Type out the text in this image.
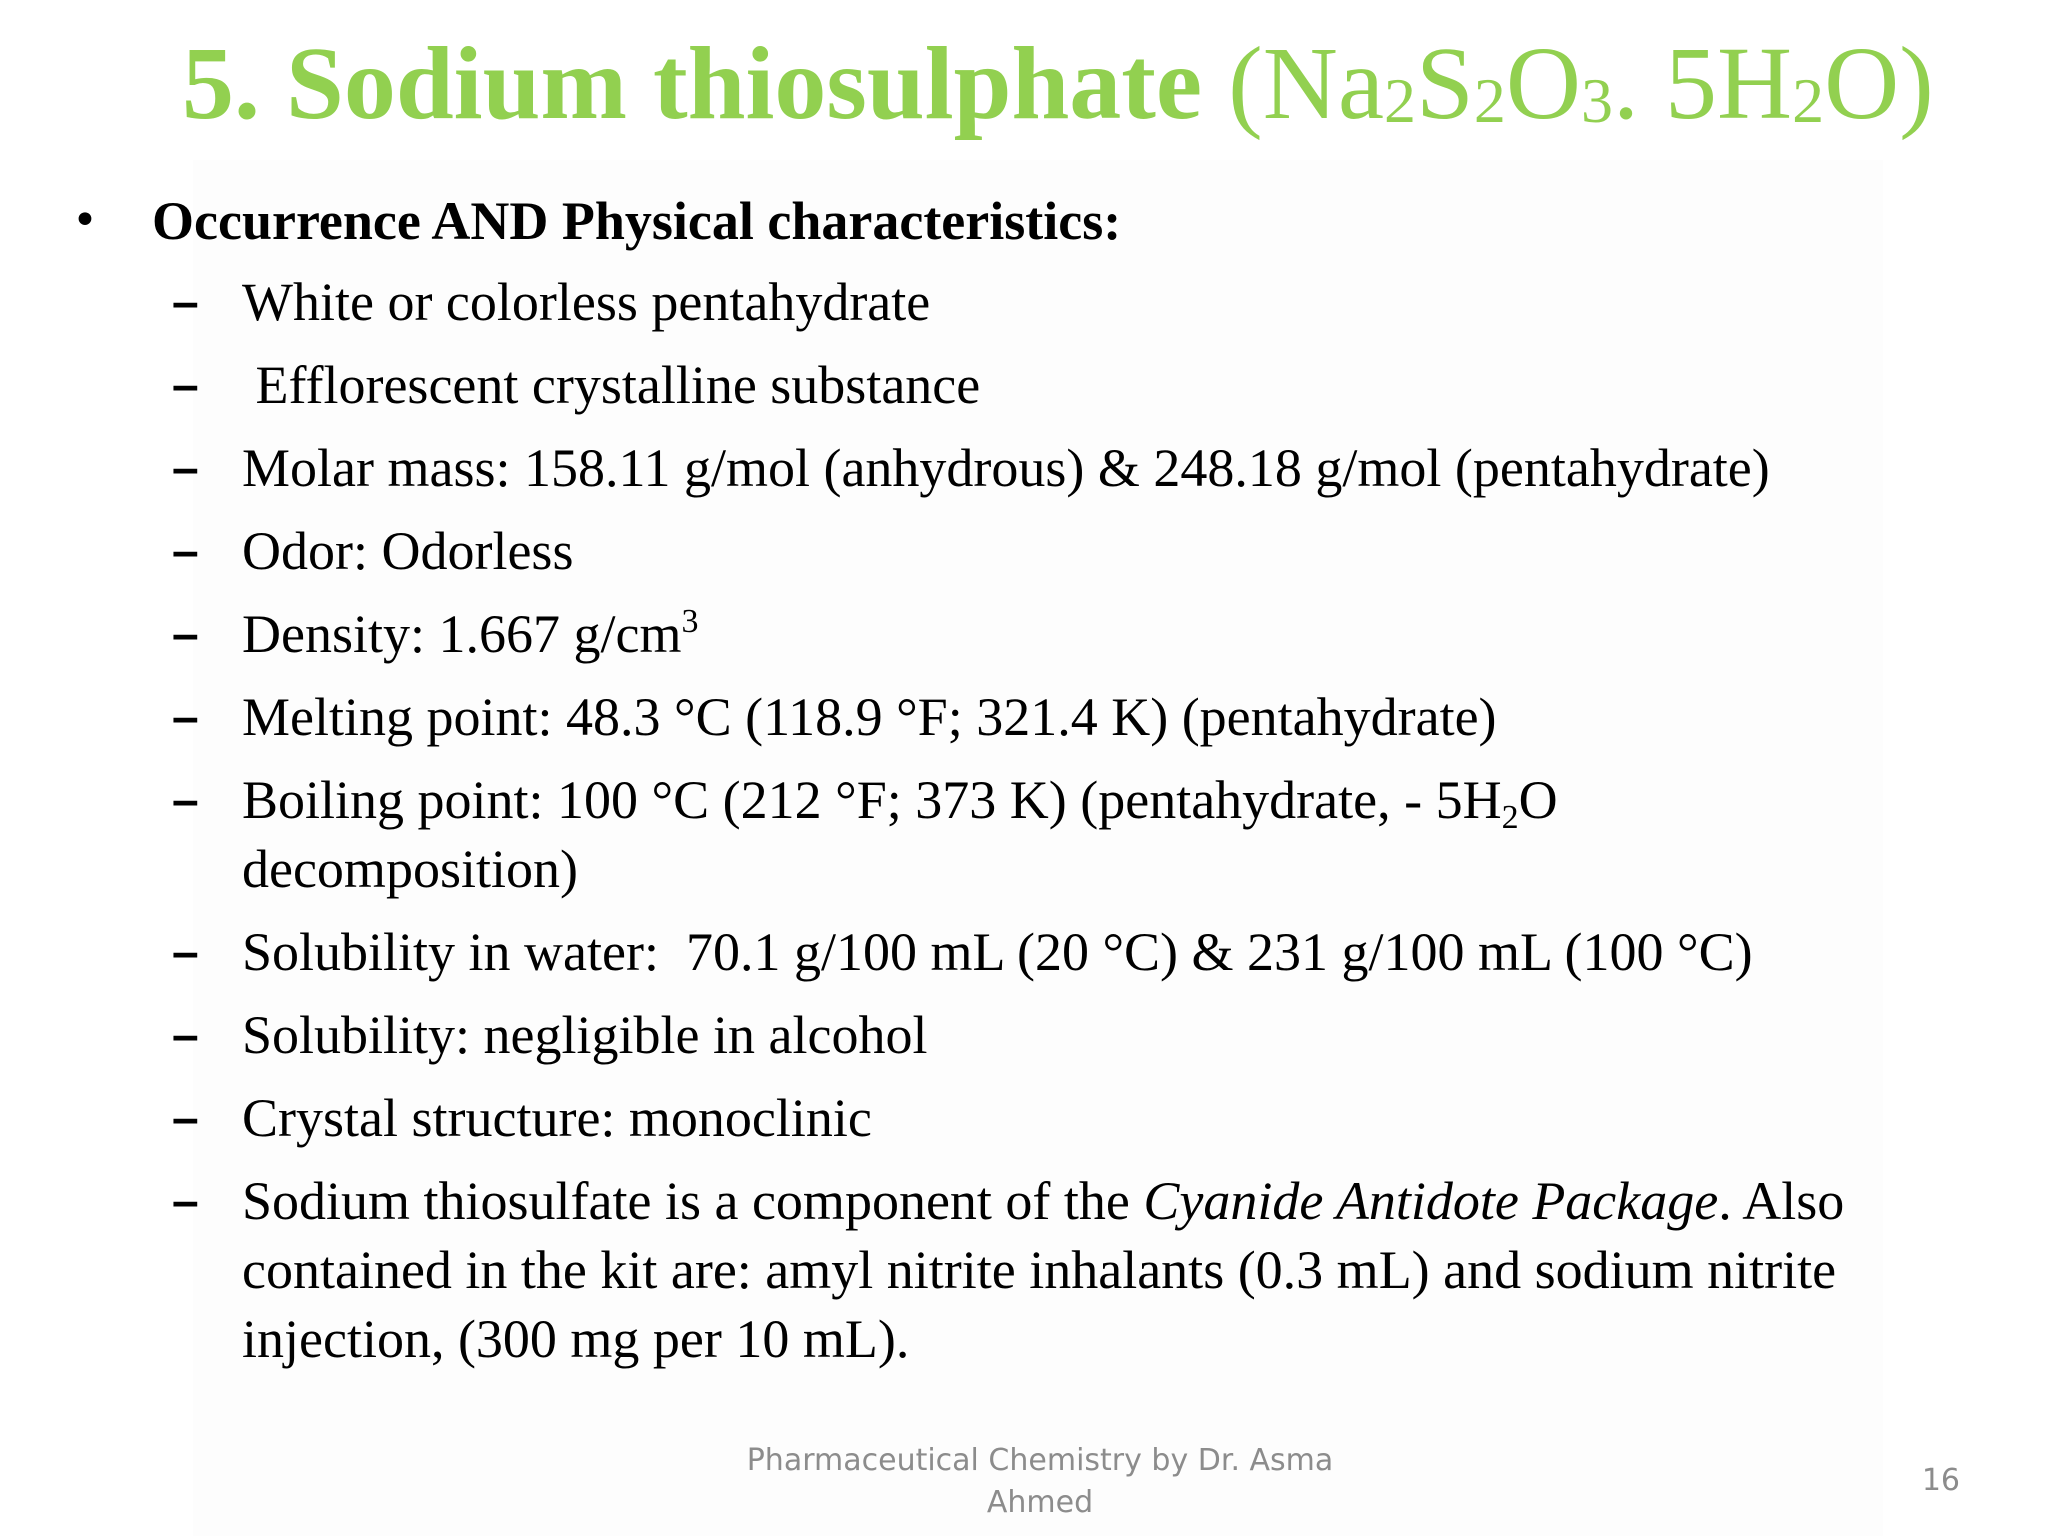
5. Sodium thiosulphate ($Na_2S_2O_3$. $5H_2O$)
•	Occurrence AND Physical characteristics:
– White or colorless pentahydrate
– Efflorescent crystalline substance
– Molar mass: 158.11 g/mol (anhydrous) & 248.18 g/mol (pentahydrate)
– Odor: Odorless
– Density: 1.667 $g/cm^3$
– Melting point: 48.3 °C (118.9 °F; 321.4 K) (pentahydrate)
– Boiling point: 100 °C (212 °F; 373 K) (pentahydrate, - $5H_2O$ decomposition)
– Solubility in water:  70.1 g/100 mL (20 °C) & 231 g/100 mL (100 °C)
– Solubility: negligible in alcohol
– Crystal structure: monoclinic
– Sodium thiosulfate is a component of the Cyanide Antidote Package. Also contained in the kit are: amyl nitrite inhalants (0.3 mL) and sodium nitrite injection, (300 mg per 10 mL).
Pharmaceutical Chemistry by Dr. Asma
Ahmed
16
